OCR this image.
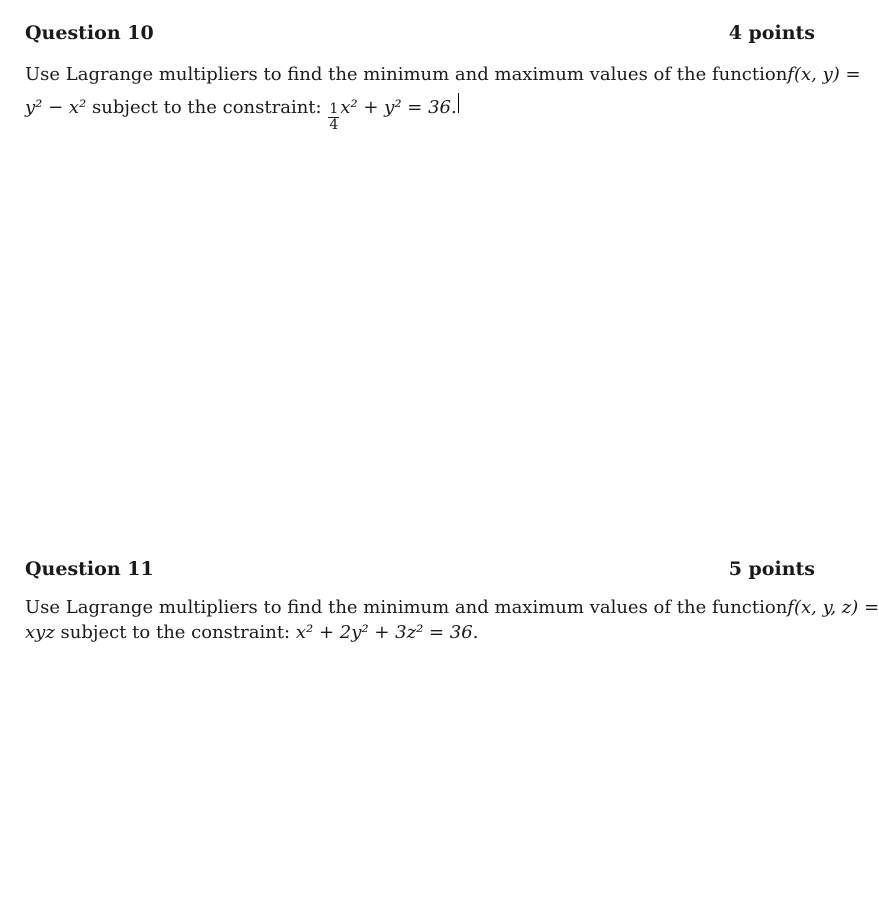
Question 10	4 points
Use Lagrange multipliers to find the minimum and maximum values of the function f(x, y) =
y² − x²
subject to the constraint:
$\frac{1}{4} x^2 + y^2 = 36$.
Question 11	5 points
Use Lagrange multipliers to find the minimum and maximum values of the function f(x, y, z) =
xyz
subject to the constraint:
x² + 2y² + 3z² = 36.
